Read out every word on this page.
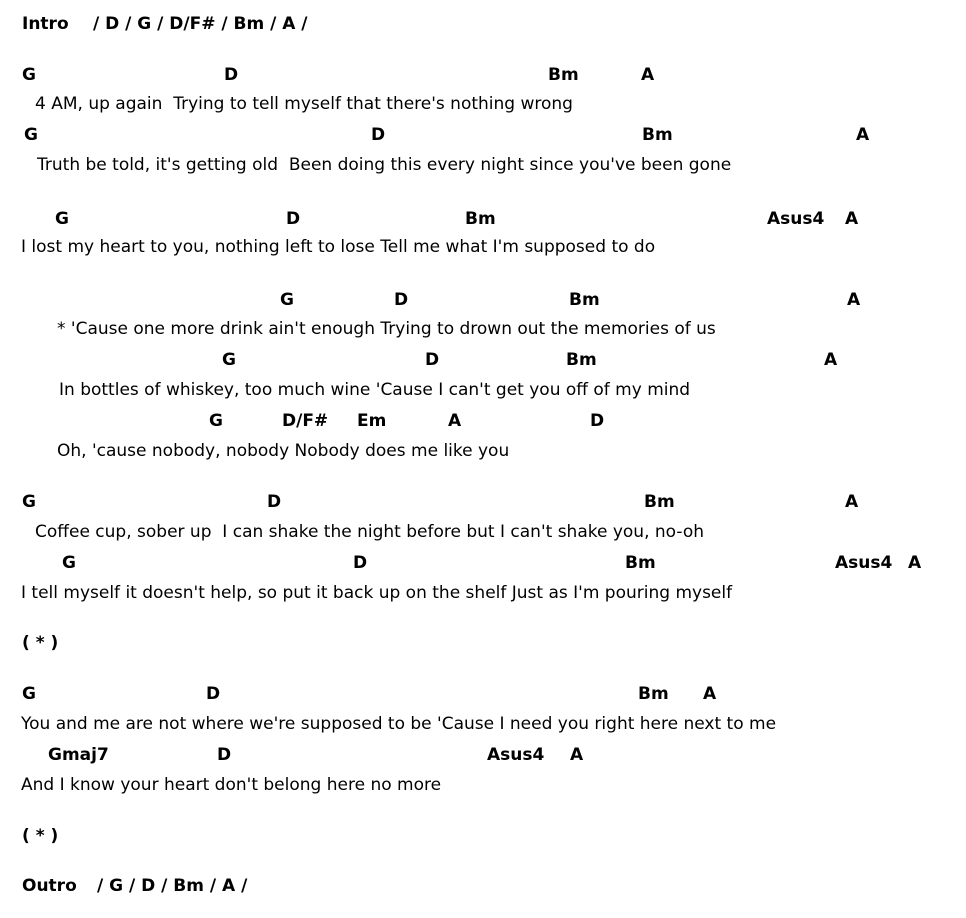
Intro / D / G / D/F# / Bm / A /
G	D	Bm	A
4 AM, up again  Trying to tell myself that there's nothing wrong
G	D	Bm	A
Truth be told, it's getting old  Been doing this every night since you've been gone
G	D	Bm	Asus4 A
I lost my heart to you, nothing left to lose Tell me what I'm supposed to do
G	D	Bm	A
* 'Cause one more drink ain't enough Trying to drown out the memories of us
G	D	Bm	A
In bottles of whiskey, too much wine 'Cause I can't get you off of my mind
G	D/F# Em	A	D
Oh, 'cause nobody, nobody Nobody does me like you
G	D	Bm	A
Coffee cup, sober up  I can shake the night before but I can't shake you, no-oh
G	D	Bm	Asus4 A
I tell myself it doesn't help, so put it back up on the shelf Just as I'm pouring myself
( * )
G	D	Bm A
You and me are not where we're supposed to be 'Cause I need you right here next to me
Gmaj7	D	Asus4 A
And I know your heart don't belong here no more
( * )
Outro / G / D / Bm / A /
